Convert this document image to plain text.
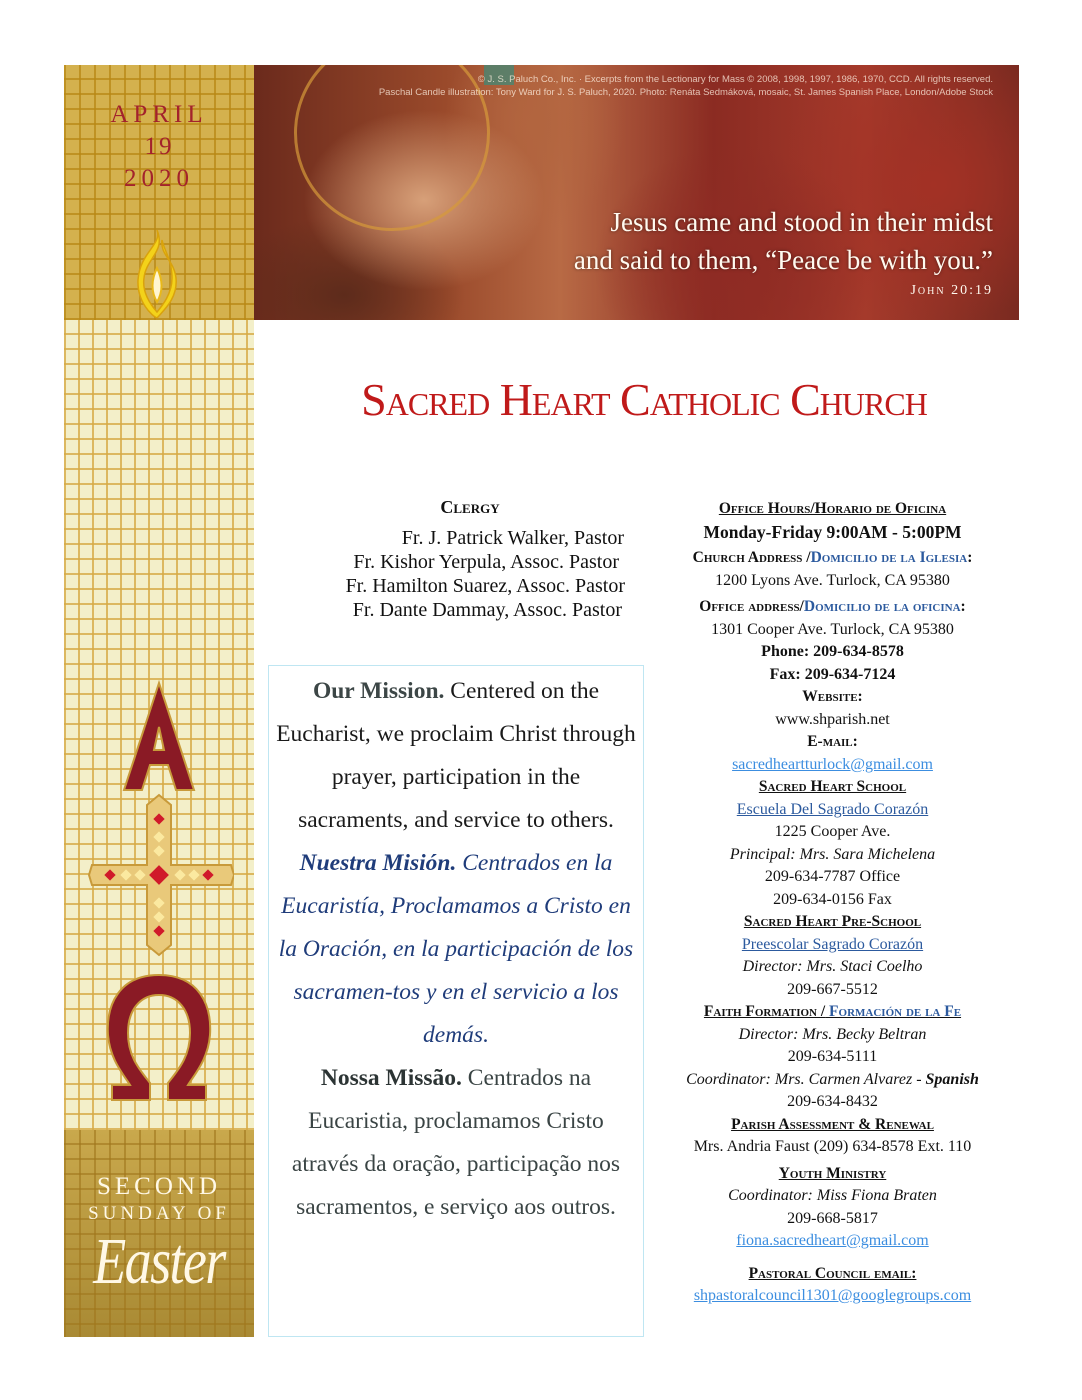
APRIL
19
2020
SECOND
SUNDAY OF
Easter
© J. S. Paluch Co., Inc. · Excerpts from the Lectionary for Mass © 2008, 1998, 1997, 1986, 1970, CCD. All rights reserved.
Paschal Candle illustration: Tony Ward for J. S. Paluch, 2020. Photo: Renáta Sedmáková, mosaic, St. James Spanish Place, London/Adobe Stock
Jesus came and stood in their midst
and said to them, “Peace be with you.”
John 20:19
Sacred Heart Catholic Church
Clergy
Fr. J. Patrick Walker, Pastor
Fr. Kishor Yerpula, Assoc. Pastor
Fr. Hamilton Suarez, Assoc. Pastor
Fr. Dante Dammay, Assoc. Pastor

Our Mission. Centered on the Eucharist, we proclaim Christ through prayer, participation in the sacraments, and service to others.

Nuestra Misión. Centrados en la Eucaristía, Proclamamos a Cristo en la Oración, en la participación de los sacramen-tos y en el servicio a los demás.

Nossa Missão. Centrados na Eucaristia, proclamamos Cristo através da oração, participação nos sacramentos, e serviço aos outros.

Office Hours/Horario de Oficina
Monday-Friday 9:00AM - 5:00PM
Church Address /Domicilio de la Iglesia:
1200 Lyons Ave. Turlock, CA 95380
Office address/Domicilio de la oficina:
1301 Cooper Ave. Turlock, CA 95380
Phone: 209-634-8578
Fax: 209-634-7124
Website:
www.shparish.net
E-mail:
sacredheartturlock@gmail.com
Sacred Heart School
Escuela Del Sagrado Corazón
1225 Cooper Ave.
Principal: Mrs. Sara Michelena
209-634-7787 Office
209-634-0156 Fax
Sacred Heart Pre-School
Preescolar Sagrado Corazón
Director: Mrs. Staci Coelho
209-667-5512
Faith Formation / Formación de la Fe
Director: Mrs. Becky Beltran
209-634-5111
Coordinator: Mrs. Carmen Alvarez - Spanish
209-634-8432
Parish Assessment & Renewal
Mrs. Andria Faust (209) 634-8578 Ext. 110
Youth Ministry
Coordinator: Miss Fiona Braten
209-668-5817
fiona.sacredheart@gmail.com
Pastoral Council email:
shpastoralcouncil1301@googlegroups.com
